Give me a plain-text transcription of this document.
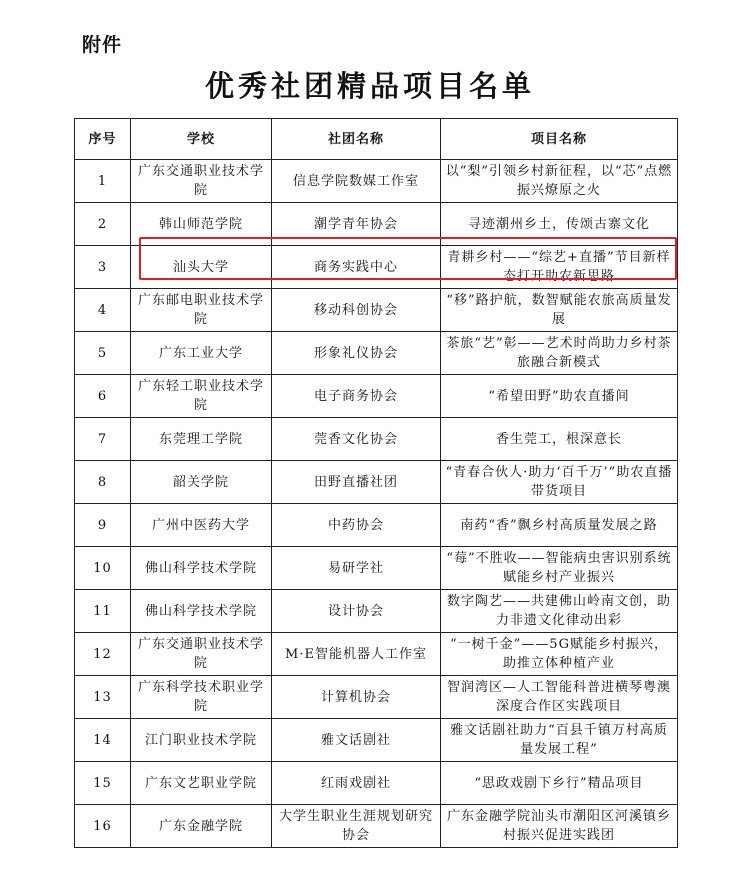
附件
优秀社团精品项目名单
序号	学校	社团名称	项目名称
1	广东交通职业技术学院	信息学院数媒工作室	以“梨”引领乡村新征程，以“芯”点燃振兴燎原之火
2	韩山师范学院	潮学青年协会	寻迹潮州乡土，传颂古寨文化
3	汕头大学	商务实践中心	青耕乡村——“综艺+直播”节目新样态打开助农新思路
4	广东邮电职业技术学院	移动科创协会	“移”路护航，数智赋能农旅高质量发展
5	广东工业大学	形象礼仪协会	茶旅“艺”彰——艺术时尚助力乡村茶旅融合新模式
6	广东轻工职业技术学院	电子商务协会	“希望田野”助农直播间
7	东莞理工学院	莞香文化协会	香生莞工，根深意长
8	韶关学院	田野直播社团	“青春合伙人·助力‘百千万’”助农直播带货项目
9	广州中医药大学	中药协会	南药“香”飘乡村高质量发展之路
10	佛山科学技术学院	易研学社	“莓”不胜收——智能病虫害识别系统赋能乡村产业振兴
11	佛山科学技术学院	设计协会	数字陶艺——共建佛山岭南文创，助力非遗文化律动出彩
12	广东交通职业技术学院	M·E智能机器人工作室	“一树千金”——5G赋能乡村振兴，助推立体种植产业
13	广东科学技术职业学院	计算机协会	智润湾区—人工智能科普进横琴粤澳深度合作区实践项目
14	江门职业技术学院	雅文话剧社	雅文话剧社助力“百县千镇万村高质量发展工程”
15	广东文艺职业学院	红雨戏剧社	“思政戏剧下乡行”精品项目
16	广东金融学院	大学生职业生涯规划研究协会	广东金融学院汕头市潮阳区河溪镇乡村振兴促进实践团
